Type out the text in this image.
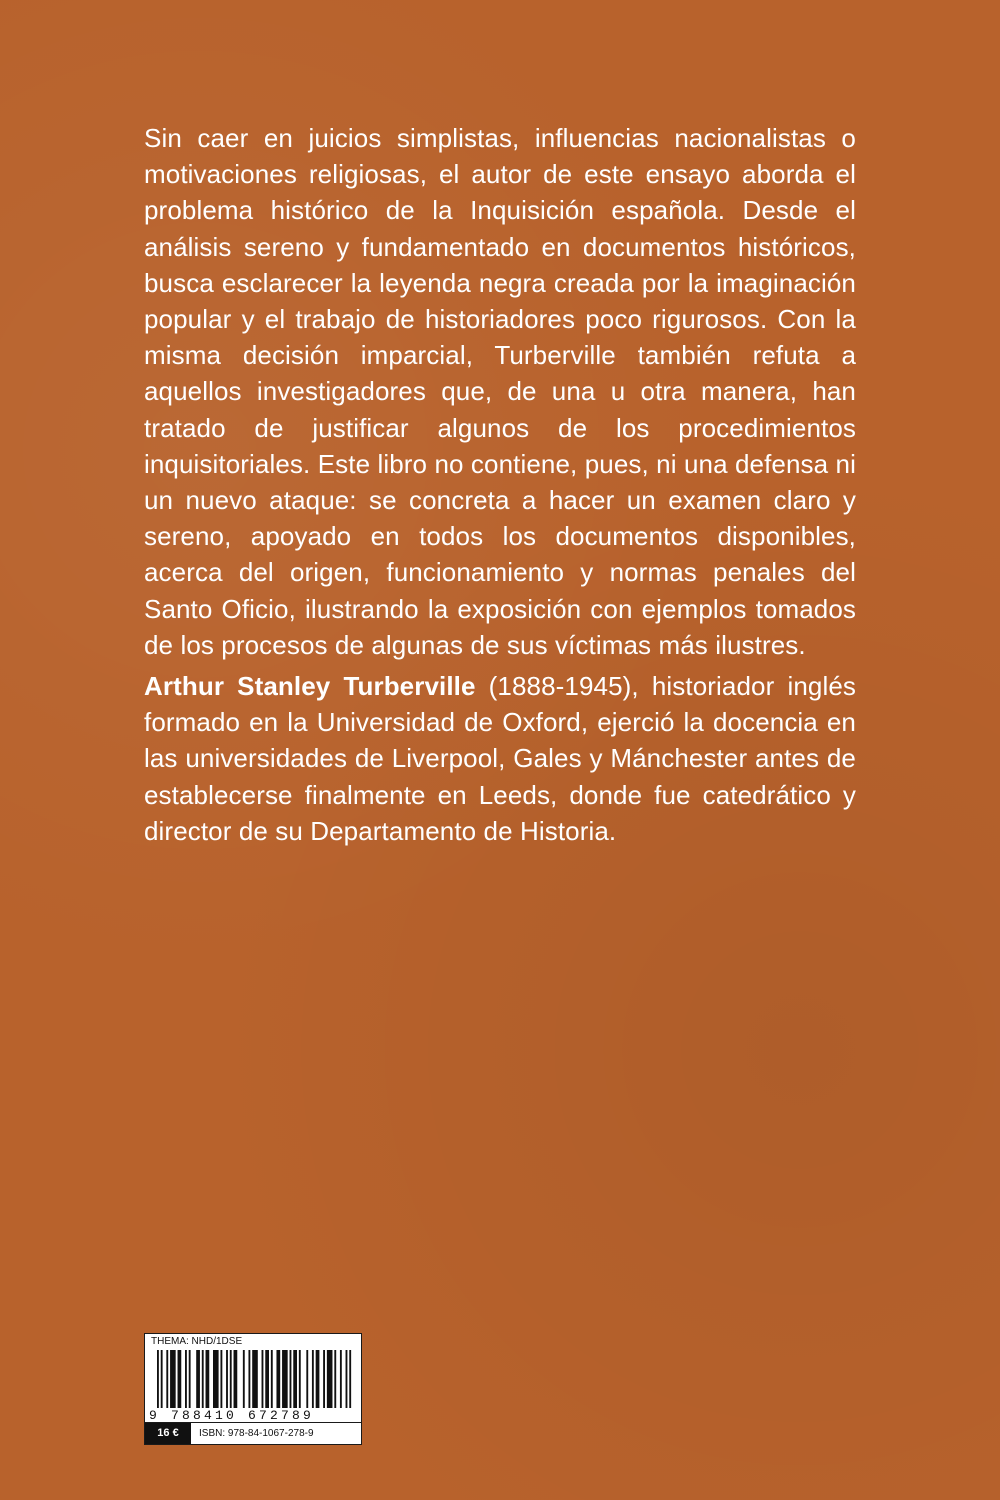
Sin caer en juicios simplistas, influencias nacionalistas o motivaciones religiosas, el autor de este ensayo aborda el problema histórico de la Inquisición española. Desde el análisis sereno y fundamentado en documentos históricos, busca esclarecer la leyenda negra creada por la imaginación popular y el trabajo de historiadores poco rigurosos. Con la misma decisión imparcial, Turberville también refuta a aquellos investigadores que, de una u otra manera, han tratado de justificar algunos de los procedimientos inquisitoriales. Este libro no contiene, pues, ni una defensa ni un nuevo ataque: se concreta a hacer un examen claro y sereno, apoyado en todos los documentos disponibles, acerca del origen, funcionamiento y normas penales del Santo Oficio, ilustrando la exposición con ejemplos tomados de los procesos de algunas de sus víctimas más ilustres.

Arthur Stanley Turberville (1888-1945), historiador inglés formado en la Universidad de Oxford, ejerció la docencia en las universidades de Liverpool, Gales y Mánchester antes de establecerse finalmente en Leeds, donde fue catedrático y director de su Departamento de Historia.

THEMA: NHD/1DSE
9 788410 672789
16 €	ISBN: 978-84-1067-278-9
